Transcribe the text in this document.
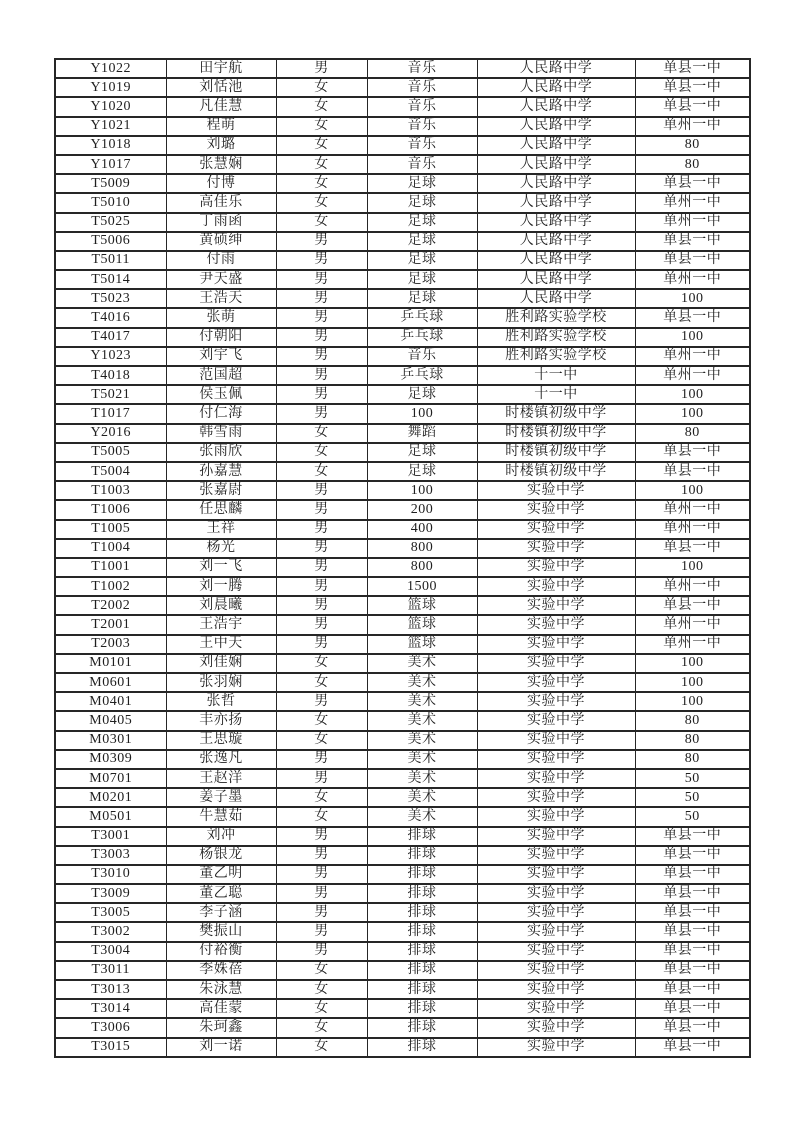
Y1022	田宇航	男	音乐	人民路中学	单县一中
Y1019	刘恬池	女	音乐	人民路中学	单县一中
Y1020	凡佳慧	女	音乐	人民路中学	单县一中
Y1021	程萌	女	音乐	人民路中学	单州一中
Y1018	刘璐	女	音乐	人民路中学	80
Y1017	张慧娴	女	音乐	人民路中学	80
T5009	付博	女	足球	人民路中学	单县一中
T5010	高佳乐	女	足球	人民路中学	单州一中
T5025	丁雨函	女	足球	人民路中学	单州一中
T5006	黄硕绅	男	足球	人民路中学	单县一中
T5011	付雨	男	足球	人民路中学	单县一中
T5014	尹天盛	男	足球	人民路中学	单州一中
T5023	王浩天	男	足球	人民路中学	100
T4016	张萌	男	乒乓球	胜利路实验学校	单县一中
T4017	付朝阳	男	乒乓球	胜利路实验学校	100
Y1023	刘宇飞	男	音乐	胜利路实验学校	单州一中
T4018	范国超	男	乒乓球	十一中	单州一中
T5021	侯玉佩	男	足球	十一中	100
T1017	付仁海	男	100	时楼镇初级中学	100
Y2016	韩雪雨	女	舞蹈	时楼镇初级中学	80
T5005	张雨欣	女	足球	时楼镇初级中学	单县一中
T5004	孙嘉慧	女	足球	时楼镇初级中学	单县一中
T1003	张嘉尉	男	100	实验中学	100
T1006	任思麟	男	200	实验中学	单州一中
T1005	王祥	男	400	实验中学	单州一中
T1004	杨光	男	800	实验中学	单县一中
T1001	刘一飞	男	800	实验中学	100
T1002	刘一腾	男	1500	实验中学	单州一中
T2002	刘晨曦	男	篮球	实验中学	单县一中
T2001	王浩宇	男	篮球	实验中学	单州一中
T2003	王中天	男	篮球	实验中学	单州一中
M0101	刘佳娴	女	美术	实验中学	100
M0601	张羽娴	女	美术	实验中学	100
M0401	张哲	男	美术	实验中学	100
M0405	丰亦扬	女	美术	实验中学	80
M0301	王思璇	女	美术	实验中学	80
M0309	张逸凡	男	美术	实验中学	80
M0701	王赵洋	男	美术	实验中学	50
M0201	姜子墨	女	美术	实验中学	50
M0501	牛慧茹	女	美术	实验中学	50
T3001	刘冲	男	排球	实验中学	单县一中
T3003	杨银龙	男	排球	实验中学	单县一中
T3010	董乙明	男	排球	实验中学	单县一中
T3009	董乙聪	男	排球	实验中学	单县一中
T3005	李子涵	男	排球	实验中学	单县一中
T3002	樊振山	男	排球	实验中学	单县一中
T3004	付裕衡	男	排球	实验中学	单县一中
T3011	李姝蓓	女	排球	实验中学	单县一中
T3013	朱泳慧	女	排球	实验中学	单县一中
T3014	高佳蒙	女	排球	实验中学	单县一中
T3006	朱珂鑫	女	排球	实验中学	单县一中
T3015	刘一诺	女	排球	实验中学	单县一中
